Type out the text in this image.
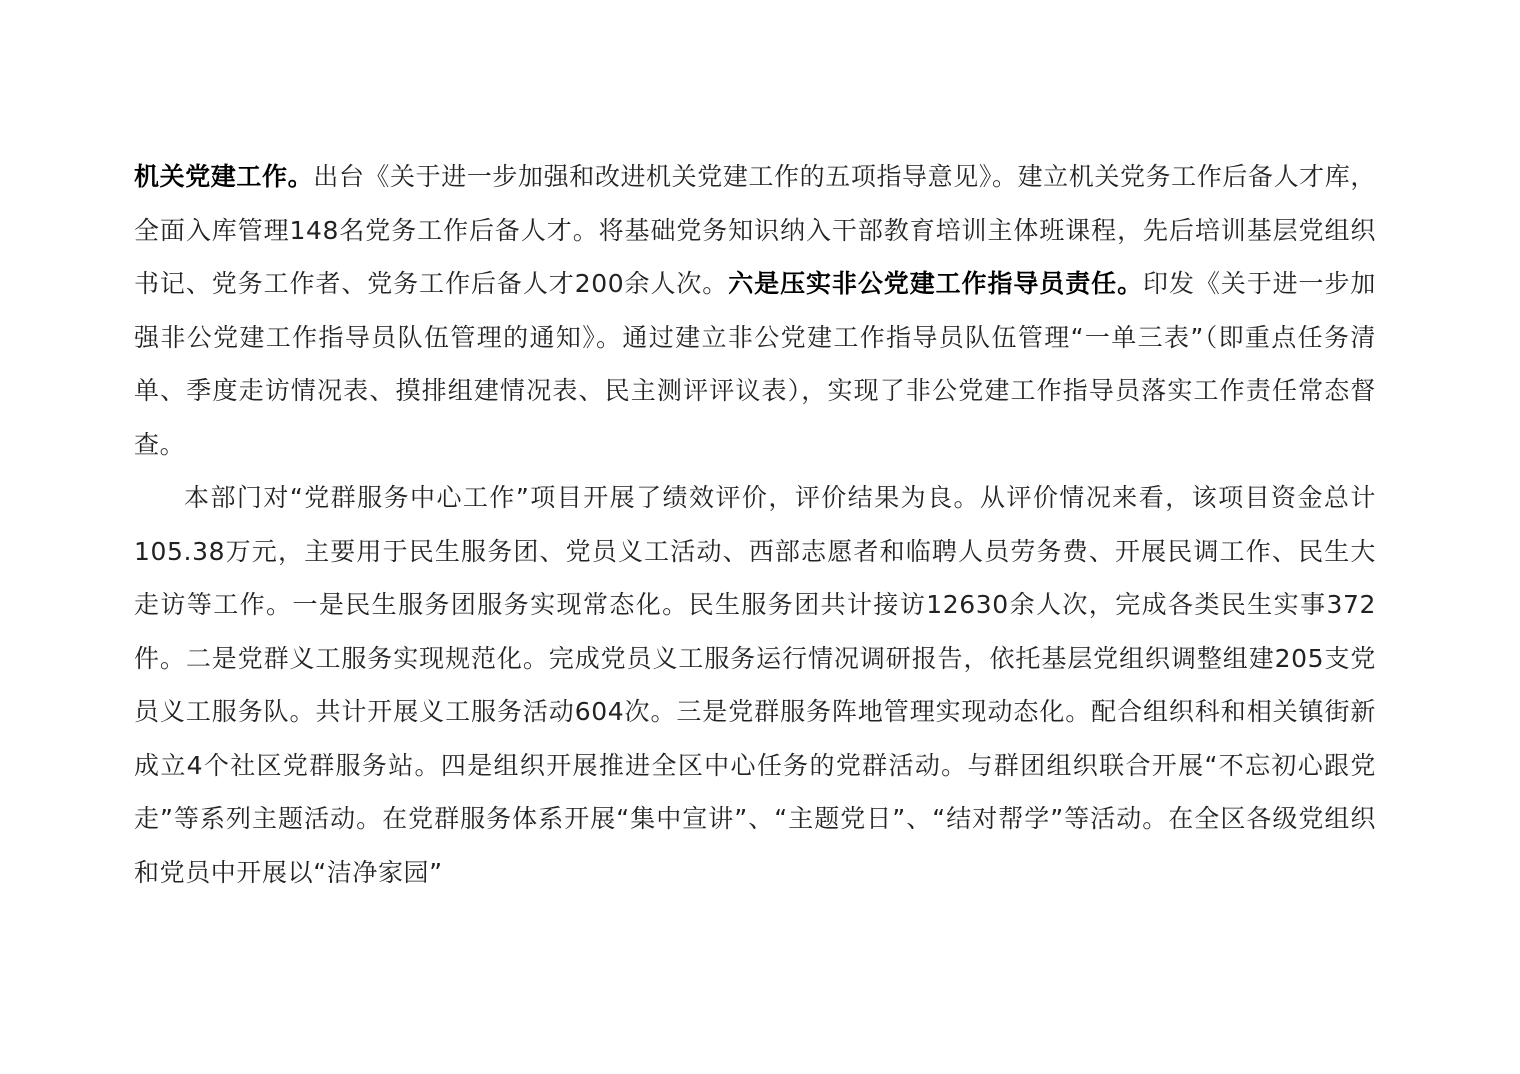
机关党建工作。出台《关于进一步加强和改进机关党建工作的五项指导意见》。建立机关党务工作后备人才库，全面入库管理148名党务工作后备人才。将基础党务知识纳入干部教育培训主体班课程，先后培训基层党组织书记、党务工作者、党务工作后备人才200余人次。六是压实非公党建工作指导员责任。印发《关于进一步加强非公党建工作指导员队伍管理的通知》。通过建立非公党建工作指导员队伍管理“一单三表”（即重点任务清单、季度走访情况表、摸排组建情况表、民主测评评议表），实现了非公党建工作指导员落实工作责任常态督查。

本部门对“党群服务中心工作”项目开展了绩效评价，评价结果为良。从评价情况来看，该项目资金总计105.38万元，主要用于民生服务团、党员义工活动、西部志愿者和临聘人员劳务费、开展民调工作、民生大走访等工作。一是民生服务团服务实现常态化。民生服务团共计接访12630余人次，完成各类民生实事372件。二是党群义工服务实现规范化。完成党员义工服务运行情况调研报告，依托基层党组织调整组建205支党员义工服务队。共计开展义工服务活动604次。三是党群服务阵地管理实现动态化。配合组织科和相关镇街新成立4个社区党群服务站。四是组织开展推进全区中心任务的党群活动。与群团组织联合开展“不忘初心跟党走”等系列主题活动。在党群服务体系开展“集中宣讲”、“主题党日”、“结对帮学”等活动。在全区各级党组织和党员中开展以“洁净家园”
